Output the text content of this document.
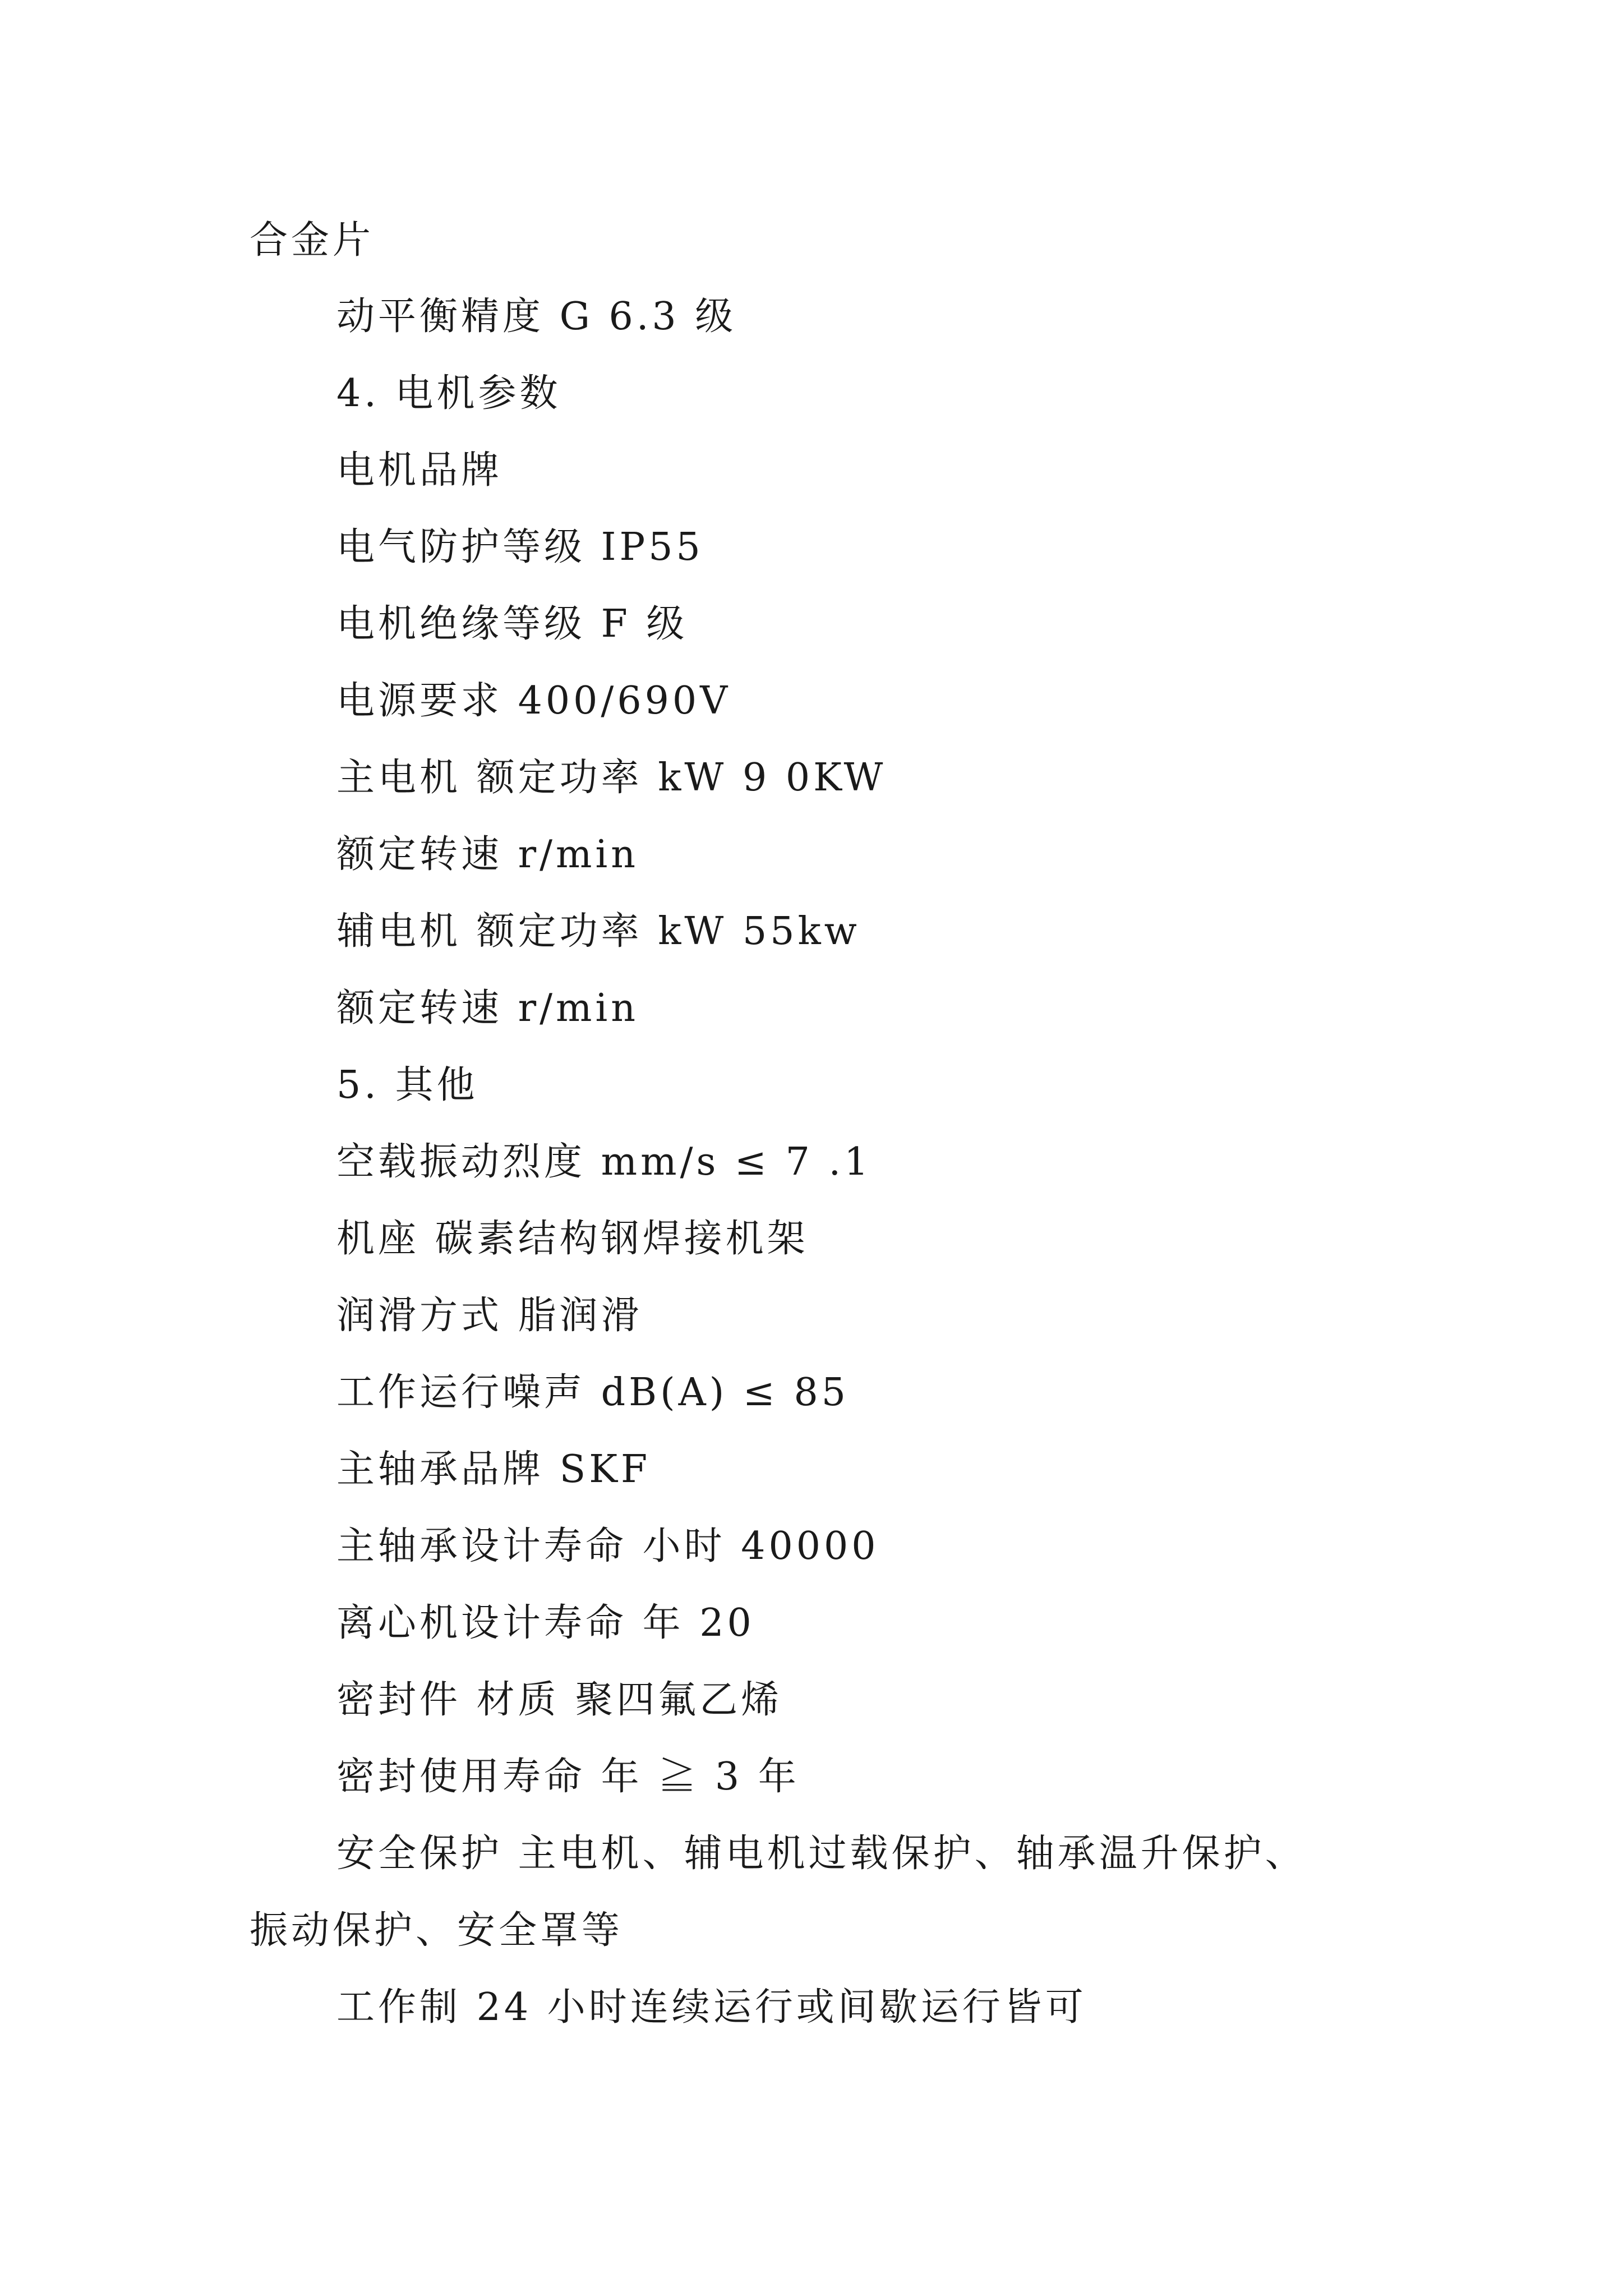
合金片
动平衡精度 G 6.3 级
4. 电机参数
电机品牌
电气防护等级 IP55
电机绝缘等级 F 级
电源要求 400/690V
主电机 额定功率 kW 9 0KW
额定转速 r/min
辅电机 额定功率 kW 55kw
额定转速 r/min
5. 其他
空载振动烈度 mm/s ≤ 7 .1
机座 碳素结构钢焊接机架
润滑方式 脂润滑
工作运行噪声 dB(A) ≤ 85
主轴承品牌 SKF
主轴承设计寿命 小时 40000
离心机设计寿命 年 20
密封件 材质 聚四氟乙烯
密封使用寿命 年 ≧ 3 年
安全保护 主电机、辅电机过载保护、轴承温升保护、
振动保护、安全罩等
工作制 24 小时连续运行或间歇运行皆可
